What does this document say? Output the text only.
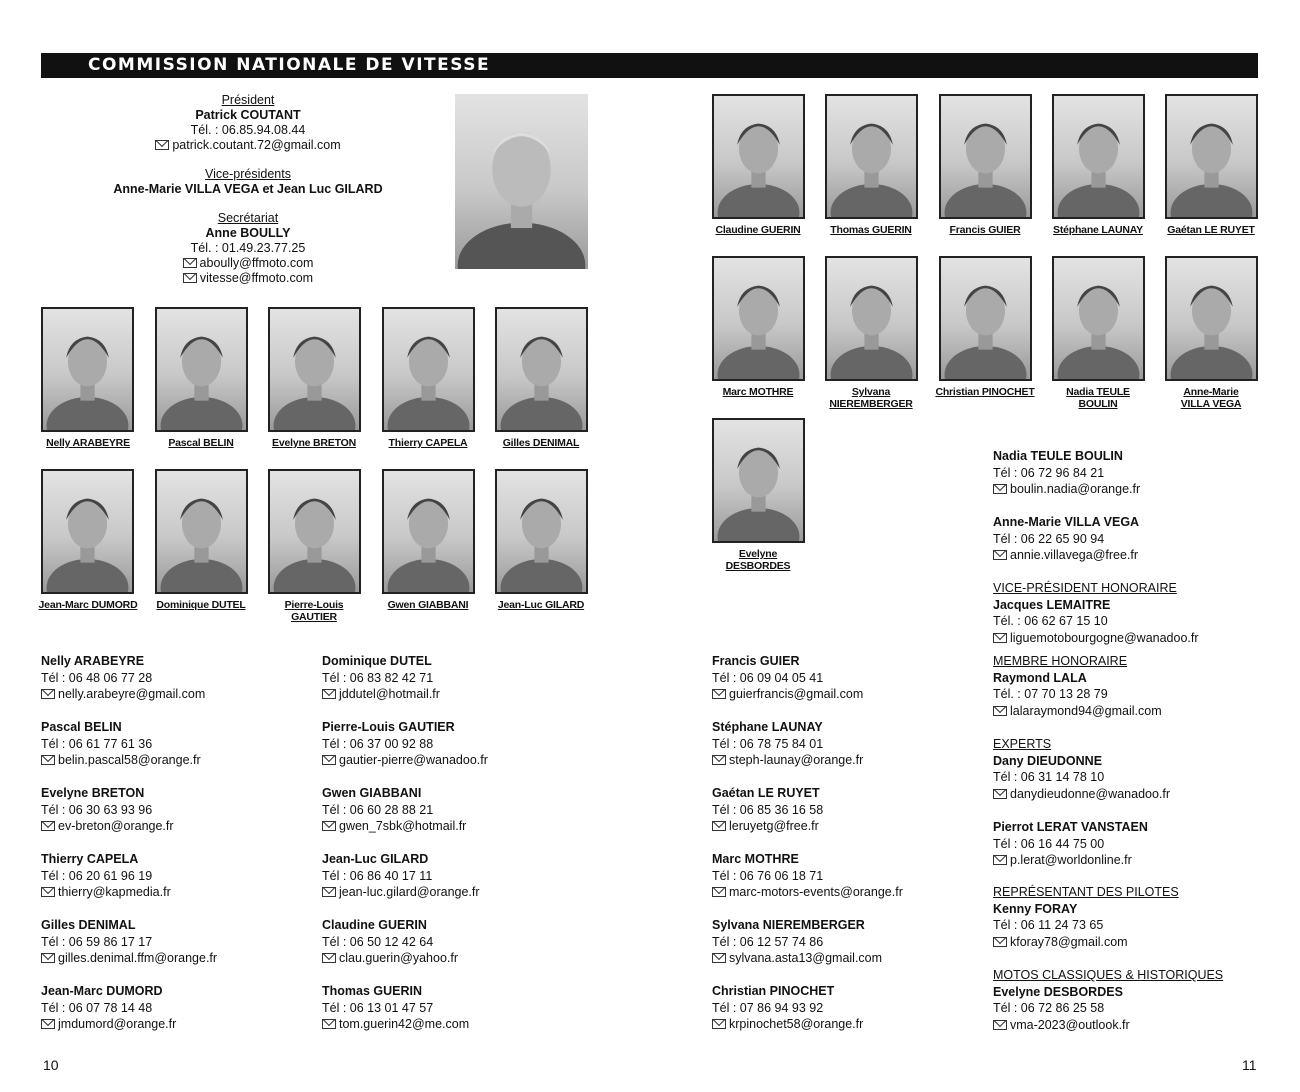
COMMISSION NATIONALE DE VITESSE
Président
Patrick COUTANT
Tél. : 06.85.94.08.44
patrick.coutant.72@gmail.com
Vice-présidents
Anne-Marie VILLA VEGA et Jean Luc GILARD
Secrétariat
Anne BOULLY
Tél. : 01.49.23.77.25
aboully@ffmoto.com
vitesse@ffmoto.com
Nelly ARABEYRE	Pascal BELIN	Evelyne BRETON	Thierry CAPELA	Gilles DENIMAL
Jean-Marc DUMORD	Dominique DUTEL	Pierre-Louis
GAUTIER
Gwen GIABBANI	Jean-Luc GILARD
Claudine GUERIN	Thomas GUERIN	Francis GUIER	Stéphane LAUNAY	Gaétan LE RUYET
Marc MOTHRE	Sylvana
NIEREMBERGER
Christian PINOCHET	Nadia TEULE
BOULIN
Anne-Marie
VILLA VEGA
Evelyne
DESBORDES
Nelly ARABEYRE
Tél : 06 48 06 77 28
nelly.arabeyre@gmail.com
Pascal BELIN
Tél : 06 61 77 61 36
belin.pascal58@orange.fr
Evelyne BRETON
Tél : 06 30 63 93 96
ev-breton@orange.fr
Thierry CAPELA
Tél : 06 20 61 96 19
thierry@kapmedia.fr
Gilles DENIMAL
Tél : 06 59 86 17 17
gilles.denimal.ffm@orange.fr
Jean-Marc DUMORD
Tél : 06 07 78 14 48
jmdumord@orange.fr
Dominique DUTEL
Tél : 06 83 82 42 71
jddutel@hotmail.fr
Pierre-Louis GAUTIER
Tél : 06 37 00 92 88
gautier-pierre@wanadoo.fr
Gwen GIABBANI
Tél : 06 60 28 88 21
gwen_7sbk@hotmail.fr
Jean-Luc GILARD
Tél : 06 86 40 17 11
jean-luc.gilard@orange.fr
Claudine GUERIN
Tél : 06 50 12 42 64
clau.guerin@yahoo.fr
Thomas GUERIN
Tél : 06 13 01 47 57
tom.guerin42@me.com
Francis GUIER
Tél : 06 09 04 05 41
guierfrancis@gmail.com
Stéphane LAUNAY
Tél : 06 78 75 84 01
steph-launay@orange.fr
Gaétan LE RUYET
Tél : 06 85 36 16 58
leruyetg@free.fr
Marc MOTHRE
Tél : 06 76 06 18 71
marc-motors-events@orange.fr
Sylvana NIEREMBERGER
Tél : 06 12 57 74 86
sylvana.asta13@gmail.com
Christian PINOCHET
Tél : 07 86 94 93 92
krpinochet58@orange.fr
Nadia TEULE BOULIN
Tél : 06 72 96 84 21
boulin.nadia@orange.fr
Anne-Marie VILLA VEGA
Tél : 06 22 65 90 94
annie.villavega@free.fr
VICE-PRÉSIDENT HONORAIRE
Jacques LEMAITRE
Tél. : 06 62 67 15 10
liguemotobourgogne@wanadoo.fr
MEMBRE HONORAIRE
Raymond LALA
Tél. : 07 70 13 28 79
lalaraymond94@gmail.com
EXPERTS
Dany DIEUDONNE
Tél : 06 31 14 78 10
danydieudonne@wanadoo.fr
Pierrot LERAT VANSTAEN
Tél : 06 16 44 75 00
p.lerat@worldonline.fr
REPRÉSENTANT DES PILOTES
Kenny FORAY
Tél : 06 11 24 73 65
kforay78@gmail.com
MOTOS CLASSIQUES & HISTORIQUES
Evelyne DESBORDES
Tél : 06 72 86 25 58
vma-2023@outlook.fr
10	11
